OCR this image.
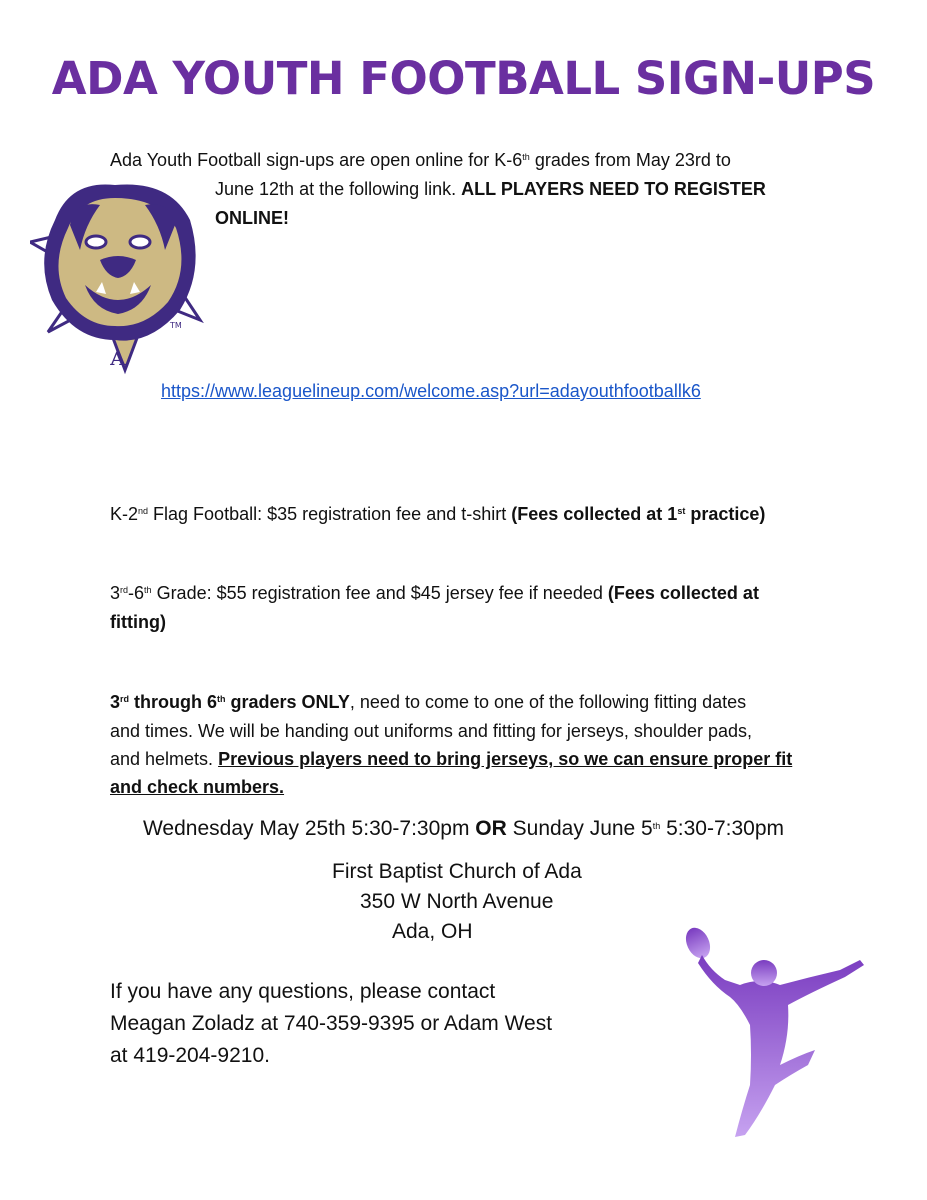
ADA YOUTH FOOTBALL SIGN-UPS
TM
A
Ada Youth Football sign-ups are open online for K-6th grades from May 23rd to
June 12th at the following link. ALL PLAYERS NEED TO REGISTER
ONLINE!
https://www.leaguelineup.com/welcome.asp?url=adayouthfootballk6
K-2nd Flag Football: $35 registration fee and t-shirt (Fees collected at 1st practice)
3rd-6th Grade: $55 registration fee and $45 jersey fee if needed (Fees collected at
fitting)
3rd through 6th graders ONLY, need to come to one of the following fitting dates
and times. We will be handing out uniforms and fitting for jerseys, shoulder pads,
and helmets. Previous players need to bring jerseys, so we can ensure proper fit
and check numbers.
Wednesday May 25th 5:30-7:30pm OR Sunday June 5th 5:30-7:30pm
First Baptist Church of Ada
350 W North Avenue
Ada, OH
If you have any questions, please contact
Meagan Zoladz at 740-359-9395 or Adam West
at 419-204-9210.
